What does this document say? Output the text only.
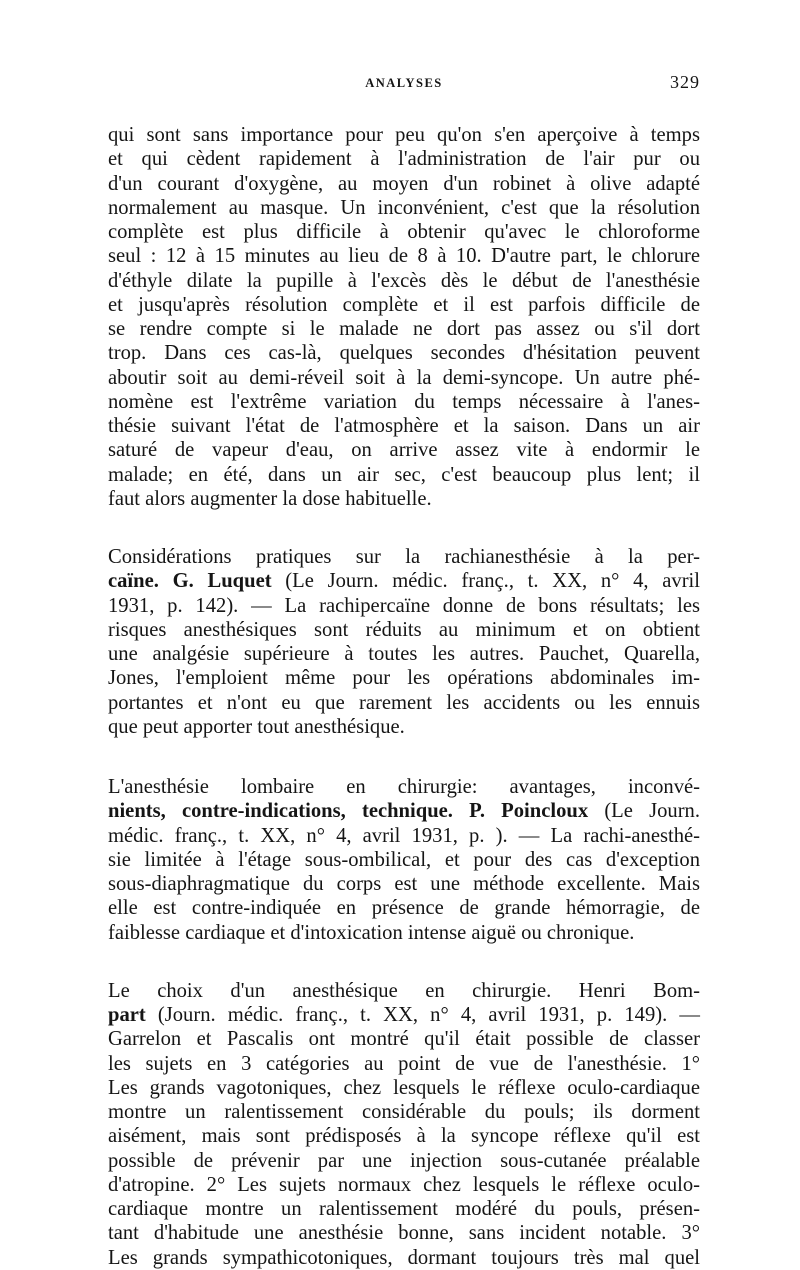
ANALYSES	329

qui sont sans importance pour peu qu'on s'en aperçoive à temps
et qui cèdent rapidement à l'administration de l'air pur ou
d'un courant d'oxygène, au moyen d'un robinet à olive adapté
normalement au masque. Un inconvénient, c'est que la résolution
complète est plus difficile à obtenir qu'avec le chloroforme
seul : 12 à 15 minutes au lieu de 8 à 10. D'autre part, le chlorure
d'éthyle dilate la pupille à l'excès dès le début de l'anesthésie
et jusqu'après résolution complète et il est parfois difficile de
se rendre compte si le malade ne dort pas assez ou s'il dort
trop. Dans ces cas-là, quelques secondes d'hésitation peuvent
aboutir soit au demi-réveil soit à la demi-syncope. Un autre phé-
nomène est l'extrême variation du temps nécessaire à l'anes-
thésie suivant l'état de l'atmosphère et la saison. Dans un air
saturé de vapeur d'eau, on arrive assez vite à endormir le
malade; en été, dans un air sec, c'est beaucoup plus lent; il
faut alors augmenter la dose habituelle.

Considérations pratiques sur la rachianesthésie à la per-
caïne. G. Luquet (Le Journ. médic. franç., t. XX, n° 4, avril
1931, p. 142). — La rachipercaïne donne de bons résultats; les
risques anesthésiques sont réduits au minimum et on obtient
une analgésie supérieure à toutes les autres. Pauchet, Quarella,
Jones, l'emploient même pour les opérations abdominales im-
portantes et n'ont eu que rarement les accidents ou les ennuis
que peut apporter tout anesthésique.

L'anesthésie lombaire en chirurgie: avantages, inconvé-
nients, contre-indications, technique. P. Poincloux (Le Journ.
médic. franç., t. XX, n° 4, avril 1931, p. ). — La rachi-anesthé-
sie limitée à l'étage sous-ombilical, et pour des cas d'exception
sous-diaphragmatique du corps est une méthode excellente. Mais
elle est contre-indiquée en présence de grande hémorragie, de
faiblesse cardiaque et d'intoxication intense aiguë ou chronique.

Le choix d'un anesthésique en chirurgie. Henri Bom-
part (Journ. médic. franç., t. XX, n° 4, avril 1931, p. 149). —
Garrelon et Pascalis ont montré qu'il était possible de classer
les sujets en 3 catégories au point de vue de l'anesthésie. 1°
Les grands vagotoniques, chez lesquels le réflexe oculo-cardiaque
montre un ralentissement considérable du pouls; ils dorment
aisément, mais sont prédisposés à la syncope réflexe qu'il est
possible de prévenir par une injection sous-cutanée préalable
d'atropine. 2° Les sujets normaux chez lesquels le réflexe oculo-
cardiaque montre un ralentissement modéré du pouls, présen-
tant d'habitude une anesthésie bonne, sans incident notable. 3°
Les grands sympathicotoniques, dormant toujours très mal quel
